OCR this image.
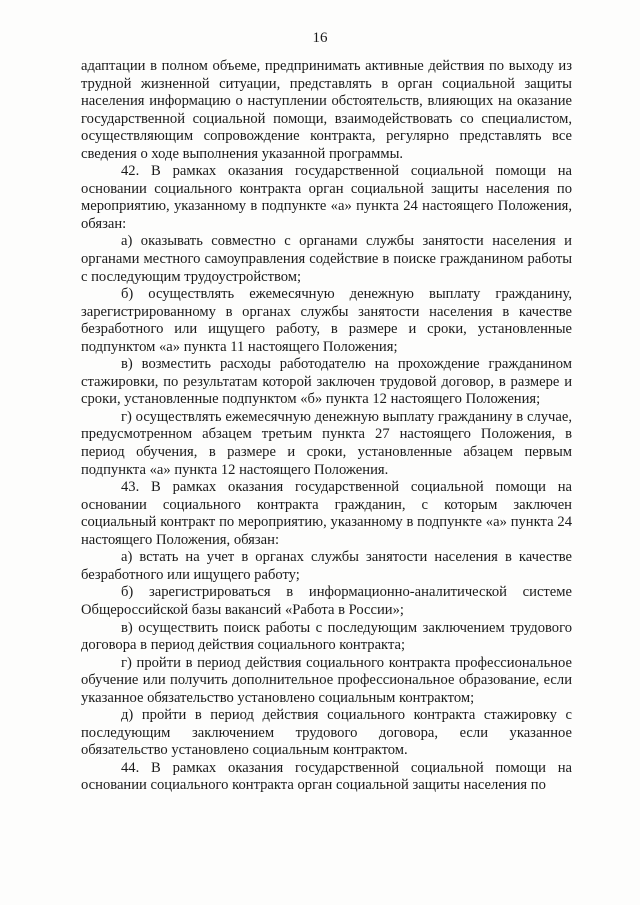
16

адаптации в полном объеме, предпринимать активные действия по выходу из трудной жизненной ситуации, представлять в орган социальной защиты населения информацию о наступлении обстоятельств, влияющих на оказание государственной социальной помощи, взаимодействовать со специалистом, осуществляющим сопровождение контракта, регулярно представлять все сведения о ходе выполнения указанной программы.

42. В рамках оказания государственной социальной помощи на основании социального контракта орган социальной защиты населения по мероприятию, указанному в подпункте «а» пункта 24 настоящего Положения, обязан:

а) оказывать совместно с органами службы занятости населения и органами местного самоуправления содействие в поиске гражданином работы с последующим трудоустройством;

б) осуществлять ежемесячную денежную выплату гражданину, зарегистрированному в органах службы занятости населения в качестве безработного или ищущего работу, в размере и сроки, установленные подпунктом «а» пункта 11 настоящего Положения;

в) возместить расходы работодателю на прохождение гражданином стажировки, по результатам которой заключен трудовой договор, в размере и сроки, установленные подпунктом «б» пункта 12 настоящего Положения;

г) осуществлять ежемесячную денежную выплату гражданину в случае, предусмотренном абзацем третьим пункта 27 настоящего Положения, в период обучения, в размере и сроки, установленные абзацем первым подпункта «а» пункта 12 настоящего Положения.

43. В рамках оказания государственной социальной помощи на основании социального контракта гражданин, с которым заключен социальный контракт по мероприятию, указанному в подпункте «а» пункта 24 настоящего Положения, обязан:

а) встать на учет в органах службы занятости населения в качестве безработного или ищущего работу;

б) зарегистрироваться в информационно-аналитической системе Общероссийской базы вакансий «Работа в России»;

в) осуществить поиск работы с последующим заключением трудового договора в период действия социального контракта;

г) пройти в период действия социального контракта профессиональное обучение или получить дополнительное профессиональное образование, если указанное обязательство установлено социальным контрактом;

д) пройти в период действия социального контракта стажировку с последующим заключением трудового договора, если указанное обязательство установлено социальным контрактом.

44. В рамках оказания государственной социальной помощи на основании социального контракта орган социальной защиты населения по
